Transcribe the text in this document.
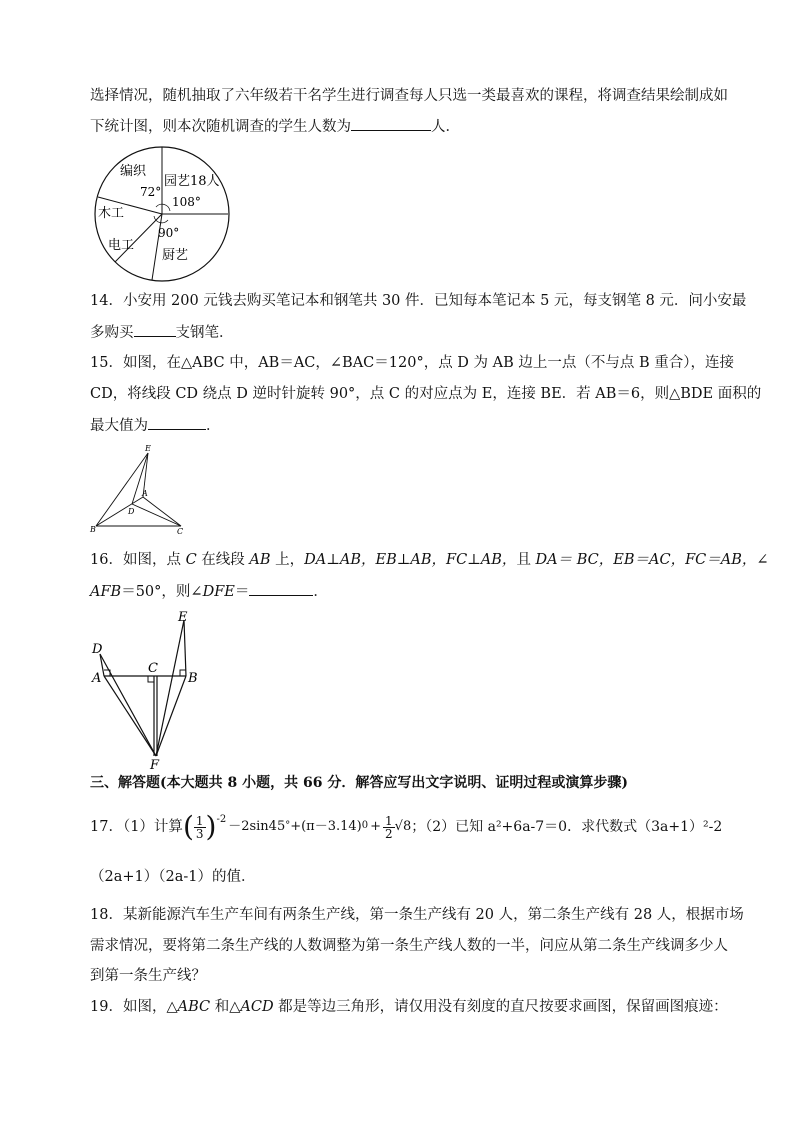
选择情况，随机抽取了六年级若干名学生进行调查每人只选一类最喜欢的课程，将调查结果绘制成如
下统计图，则本次随机调查的学生人数为	人．
编织
72°
园艺18人
108°
木工
电工
90°
厨艺
14．小安用 200 元钱去购买笔记本和钢笔共 30 件．已知每本笔记本 5 元，每支钢笔 8 元．问小安最
多购买	支钢笔．
15．如图，在△ABC 中，AB＝AC，∠BAC＝120°，点 D 为 AB 边上一点（不与点 B 重合），连接
CD，将线段 CD 绕点 D 逆时针旋转 90°，点 C 的对应点为 E，连接 BE．若 AB＝6，则△BDE 面积的
最大值为	．
E
A
D
B	C
16．如图，点 C 在线段 AB 上，DA⊥AB，EB⊥AB，FC⊥AB，且 DA＝ BC，EB＝AC，FC＝AB，∠
AFB＝50°，则∠DFE＝	．
E
D
C
A	B
F
三、解答题(本大题共 8 小题，共 66 分．解答应写出文字说明、证明过程或演算步骤)
17．（1）计算 ( $\frac{1}{3} )^{-2} -2\sin 45$ ° +(π－3.14) $0 + \frac{1}{2} √8$ ；（2）已知 a²+6a-7＝0．求代数式（3a+1）²-2
（2a+1）（2a-1）的值．
18．某新能源汽车生产车间有两条生产线，第一条生产线有 20 人，第二条生产线有 28 人，根据市场
需求情况，要将第二条生产线的人数调整为第一条生产线人数的一半，问应从第二条生产线调多少人
到第一条生产线？
19．如图，△ABC 和△ACD 都是等边三角形，请仅用没有刻度的直尺按要求画图，保留画图痕迹：
